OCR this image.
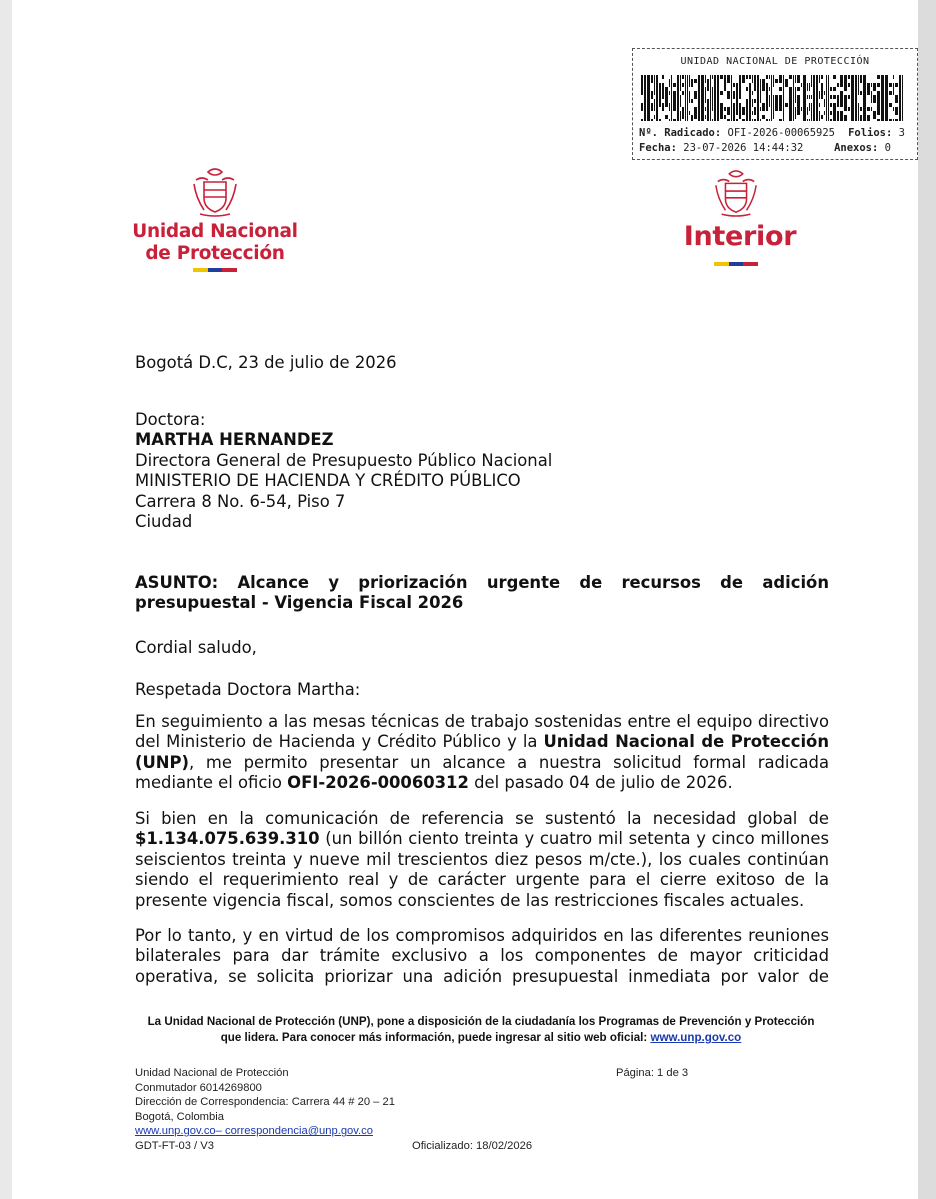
UNIDAD NACIONAL DE PROTECCIÓN
Nº. Radicado: OFI-2026-00065925 Folios: 3
Fecha: 23-07-2026 14:44:32	Anexos: 0
Unidad Nacional
de Protección
Interior
Bogotá D.C, 23 de julio de 2026
Doctora:
MARTHA HERNANDEZ
Directora General de Presupuesto Público Nacional
MINISTERIO DE HACIENDA Y CRÉDITO PÚBLICO
Carrera 8 No. 6-54, Piso 7
Ciudad
ASUNTO: Alcance y priorización urgente de recursos de adición
presupuestal - Vigencia Fiscal 2026
Cordial saludo,
Respetada Doctora Martha:
En seguimiento a las mesas técnicas de trabajo sostenidas entre el equipo directivo
del Ministerio de Hacienda y Crédito Público y la Unidad Nacional de Protección
(UNP), me permito presentar un alcance a nuestra solicitud formal radicada
mediante el oficio OFI-2026-00060312 del pasado 04 de julio de 2026.
Si bien en la comunicación de referencia se sustentó la necesidad global de
$1.134.075.639.310 (un billón ciento treinta y cuatro mil setenta y cinco millones
seiscientos treinta y nueve mil trescientos diez pesos m/cte.), los cuales continúan
siendo el requerimiento real y de carácter urgente para el cierre exitoso de la
presente vigencia fiscal, somos conscientes de las restricciones fiscales actuales.
Por lo tanto, y en virtud de los compromisos adquiridos en las diferentes reuniones
bilaterales para dar trámite exclusivo a los componentes de mayor criticidad
operativa, se solicita priorizar una adición presupuestal inmediata por valor de
La Unidad Nacional de Protección (UNP), pone a disposición de la ciudadanía los Programas de Prevención y Protección
que lidera. Para conocer más información, puede ingresar al sitio web oficial: www.unp.gov.co
Unidad Nacional de Protección
Conmutador 6014269800
Dirección de Correspondencia: Carrera 44 # 20 – 21
Bogotá, Colombia
www.unp.gov.co– correspondencia@unp.gov.co
GDT-FT-03 / V3
Página: 1 de 3
Oficializado: 18/02/2026
